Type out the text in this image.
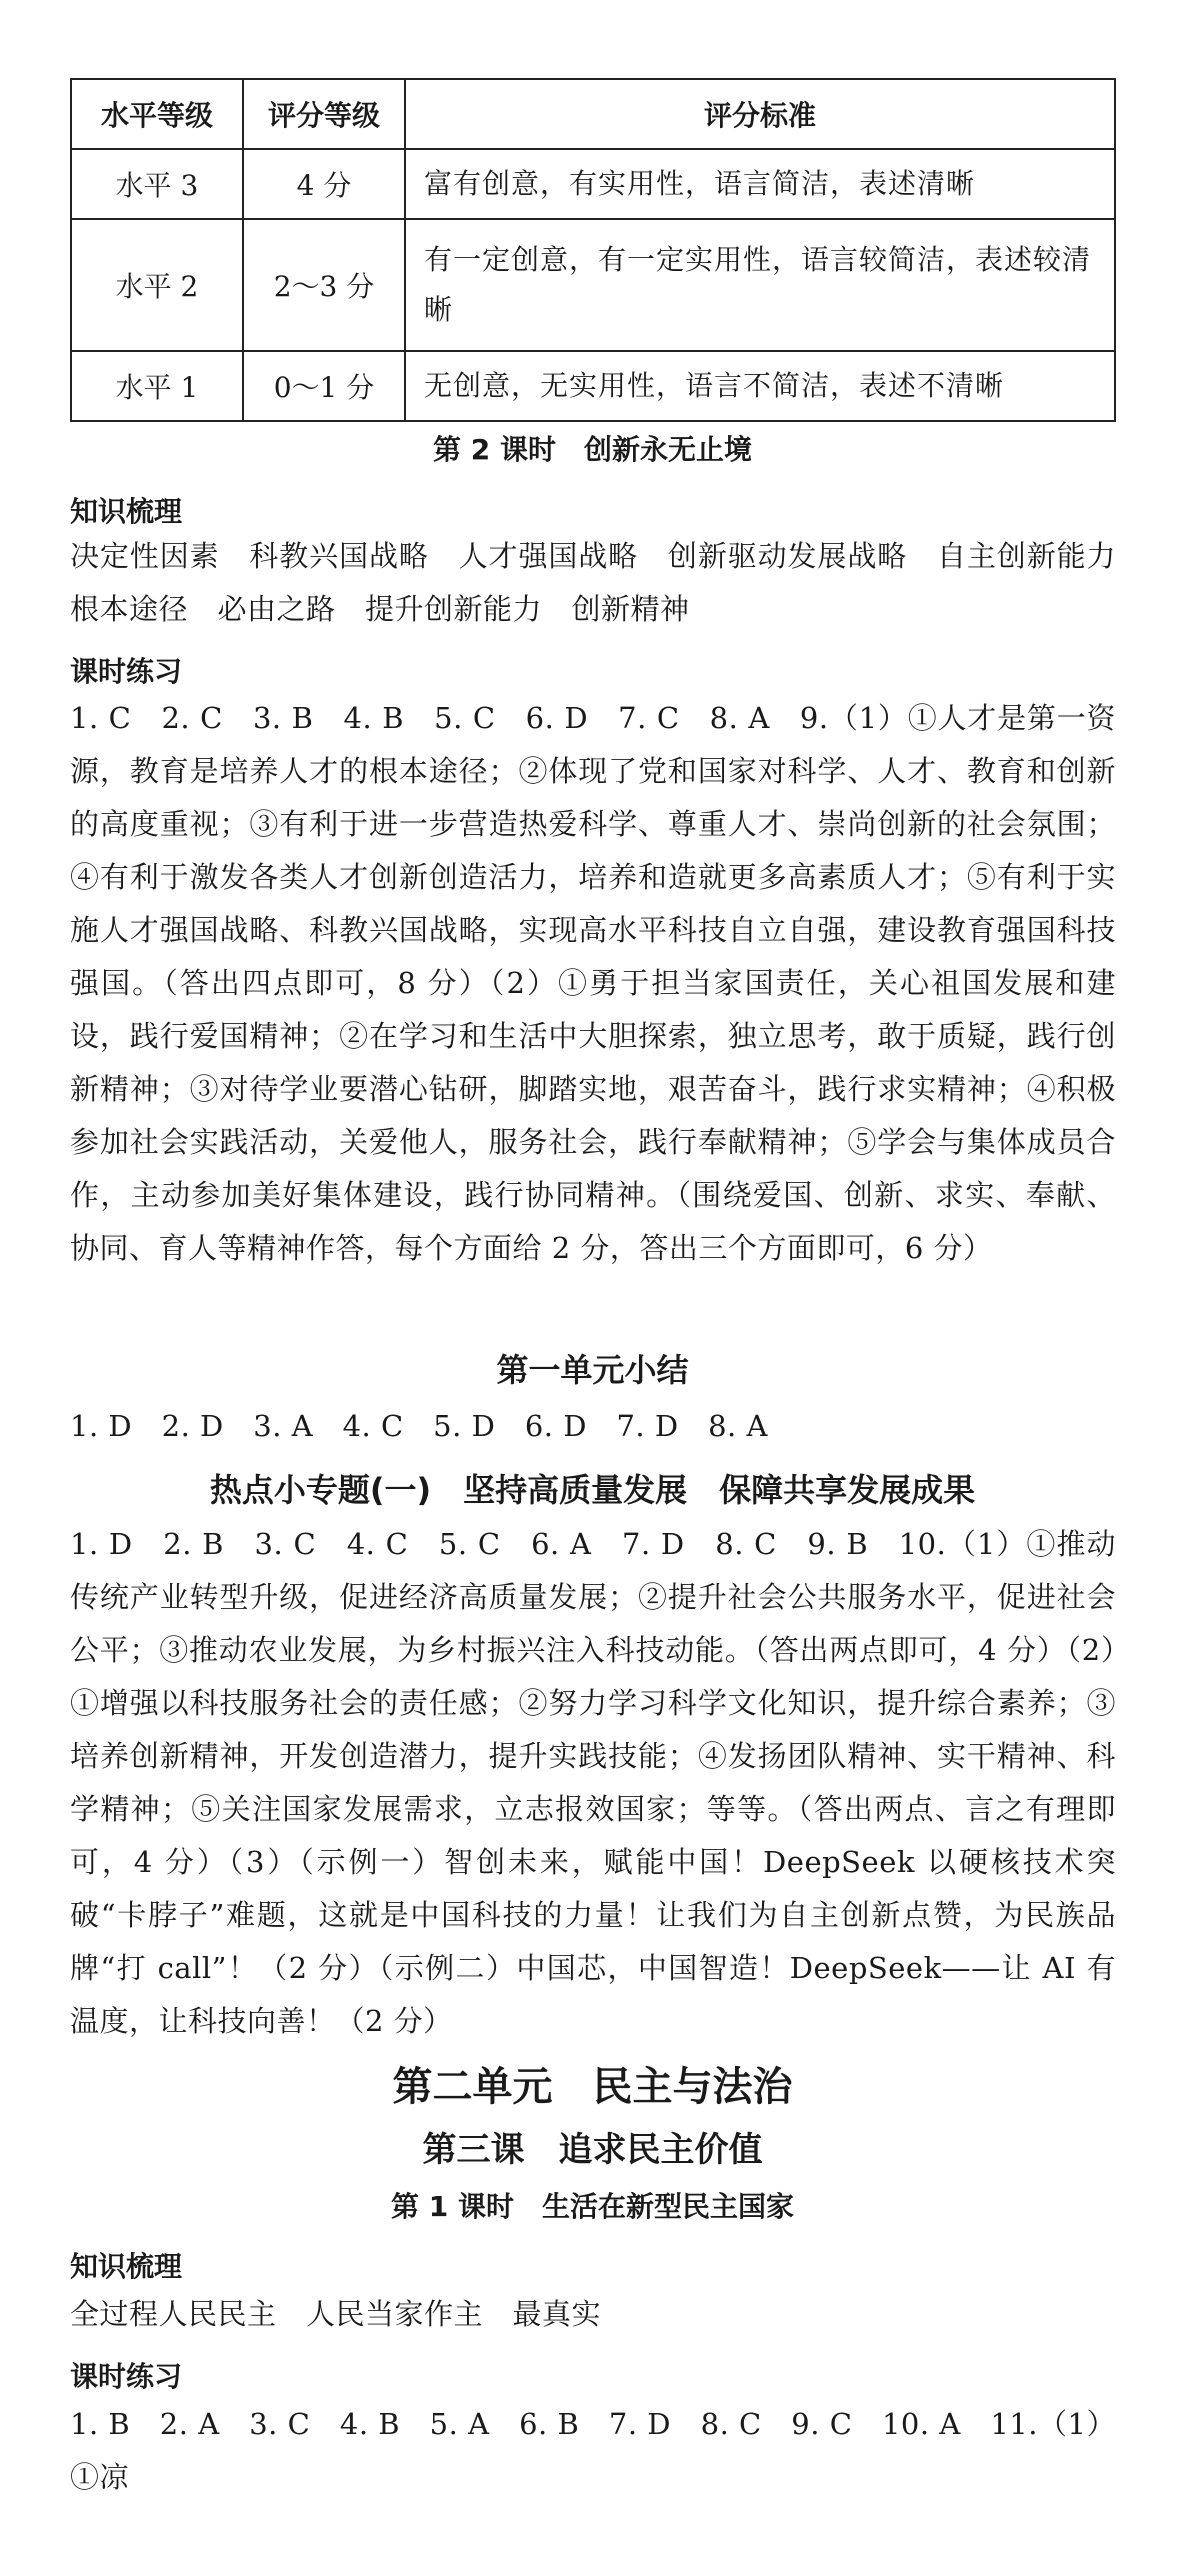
水平等级	评分等级	评分标准
水平 3	4 分	富有创意，有实用性，语言简洁，表述清晰
水平 2	2～3 分	有一定创意，有一定实用性，语言较简洁，表述较清晰
水平 1	0～1 分	无创意，无实用性，语言不简洁，表述不清晰
第 2 课时　创新永无止境
知识梳理
决定性因素　科教兴国战略　人才强国战略　创新驱动发展战略　自主创新能力　根本途径　必由之路　提升创新能力　创新精神
课时练习
1. C　2. C　3. B　4. B　5. C　6. D　7. C　8. A　9.（1）①人才是第一资源，教育是培养人才的根本途径；②体现了党和国家对科学、人才、教育和创新的高度重视；③有利于进一步营造热爱科学、尊重人才、崇尚创新的社会氛围；④有利于激发各类人才创新创造活力，培养和造就更多高素质人才；⑤有利于实施人才强国战略、科教兴国战略，实现高水平科技自立自强，建设教育强国科技强国。（答出四点即可，8 分）（2）①勇于担当家国责任，关心祖国发展和建设，践行爱国精神；②在学习和生活中大胆探索，独立思考，敢于质疑，践行创新精神；③对待学业要潜心钻研，脚踏实地，艰苦奋斗，践行求实精神；④积极参加社会实践活动，关爱他人，服务社会，践行奉献精神；⑤学会与集体成员合作，主动参加美好集体建设，践行协同精神。（围绕爱国、创新、求实、奉献、协同、育人等精神作答，每个方面给 2 分，答出三个方面即可，6 分）
第一单元小结
1. D　2. D　3. A　4. C　5. D　6. D　7. D　8. A
热点小专题(一)　坚持高质量发展　保障共享发展成果
1. D　2. B　3. C　4. C　5. C　6. A　7. D　8. C　9. B　10.（1）①推动传统产业转型升级，促进经济高质量发展；②提升社会公共服务水平，促进社会公平；③推动农业发展，为乡村振兴注入科技动能。（答出两点即可，4 分）（2）①增强以科技服务社会的责任感；②努力学习科学文化知识，提升综合素养；③培养创新精神，开发创造潜力，提升实践技能；④发扬团队精神、实干精神、科学精神；⑤关注国家发展需求，立志报效国家；等等。（答出两点、言之有理即可，4 分）（3）（示例一）智创未来，赋能中国！DeepSeek 以硬核技术突破“卡脖子”难题，这就是中国科技的力量！让我们为自主创新点赞，为民族品牌“打 call”！（2 分）（示例二）中国芯，中国智造！DeepSeek——让 AI 有温度，让科技向善！（2 分）
第二单元　民主与法治
第三课　追求民主价值
第 1 课时　生活在新型民主国家
知识梳理
全过程人民民主　人民当家作主　最真实
课时练习
1. B　2. A　3. C　4. B　5. A　6. B　7. D　8. C　9. C　10. A　11.（1）①凉
